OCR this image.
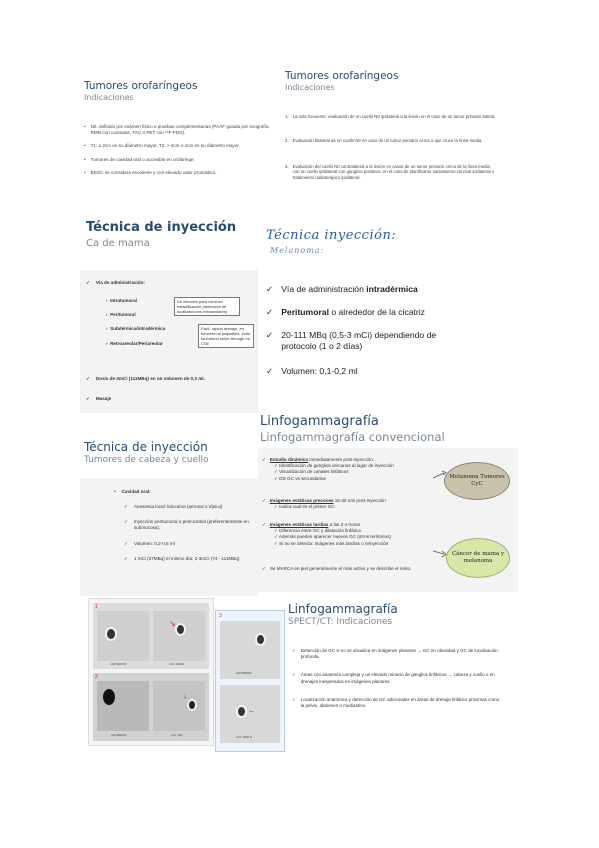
Tumores orofaríngeos
Indicaciones
• N0. definido por exámen físico o pruebas complementarias (PAAF guiada por ecografía, RMN con contraste, TAC o PET con ¹⁸F-FDG).
• T1: ≤ 2cm en su diámetro mayor, T2: > 2cm ≤ 4cm en su diámetro mayor.
• Tumores de cavidad oral o accesible en orofaringe.
• BSGC se considera excelente y con elevado valor pronóstico.
Tumores orofaríngeos
Indicaciones
1. La más frecuente: evaluación de un cuello N0 ipsilateral a la lesión en el caso de un tumor primario lateral.
2. Evaluación bilateral de un cuello N0 en caso de un tumor primario cerca o que cruce la línea media.
3. Evaluación del cuello N0 contralateral a la lesión en casos de un tumor primario cerca de la línea media con un cuello ipsilateral con ganglios positivos, en el caso de planificarse vaciamiento cervical ipsilateral o tratamiento radioterápico ipsilateral.
Técnica de inyección
Ca de mama
✓ Vía de administración:
›  Intratumoral
›  Peritumoral
›  Subdérmica/intradérmica
›  Retroareolar/Periareolar
De elección para correcta estadificación (detección de localizaciones extraaxilares)
Fácil, rápido drenaje, en tumores no palpables, evita fenómeno shine-through en CSE
✓ Dosis de 3mCi (111MBq) en un volumen de 0,3 ml.
✓ Masaje
Técnica inyección:
Melanoma:
✓ Vía de administración intradérmica
✓ Peritumoral o alrededor de la cicatriz
✓ 20-111 MBq (0,5-3 mCi) dependiendo de protocolo (1 o 2 días)
✓ Volumen: 0,1-0,2 ml
Técnica de inyección
Tumores de cabeza y cuello
• Cavidad oral:
✓ Anestesia local: lidocaína (aerosol o tópica)
✓ Inyección peritumoral o pericicatrial (preferentemente en submucosa).
✓ Volumen: 0,2-0,5 ml
✓ 1 mCi (37MBq) el mismo día; 2-3mCi (74 - 111MBq).
Linfogammagrafía
Linfogammagrafía convencional
✓ Estudio dinámico inmediatamente post-inyección:
✓ Identificación de ganglios cercanos al lugar de inyección
✓ Visualización de canales linfáticos
✓ DD GC vs secundarios
✓ Imágenes estáticas precoces 15-30 min post-inyección
✓ Indica cual es el primer GC.
✓ Imágenes estáticas tardías a las 2-4 horas
✓ Diferencia entre GC y dilatación linfática
✓ Además pueden aparecer nuevos GC (otros territorios)
✓ Si no se detecta: imágenes más tardías o reinyección
✓ Se MARCA en piel generalmente el más activo y se describe el resto.
Melanoma Tumores CyC
Cáncer de mama y melanoma
1
↘
ANTERIOR	LAT. DERE
2
↓
ANTERIOR	LAT. IZQ
3
ANTERIOR
←
LAT. DER Ó
Linfogammagrafía
SPECT/CT: Indicaciones
✓ Detección de GC si no se visualiza en imágenes planares → GC en obesidad y GC de localización profunda.
✓ Áreas con anatomía compleja y un elevado número de ganglios linfáticos → cabeza y cuello o en drenajes inesperados en imágenes planares.
✓ Localización anatómica y detección de GC adicionales en áreas de drenaje linfático próximas como la pelvis, abdomen o mediastino.
